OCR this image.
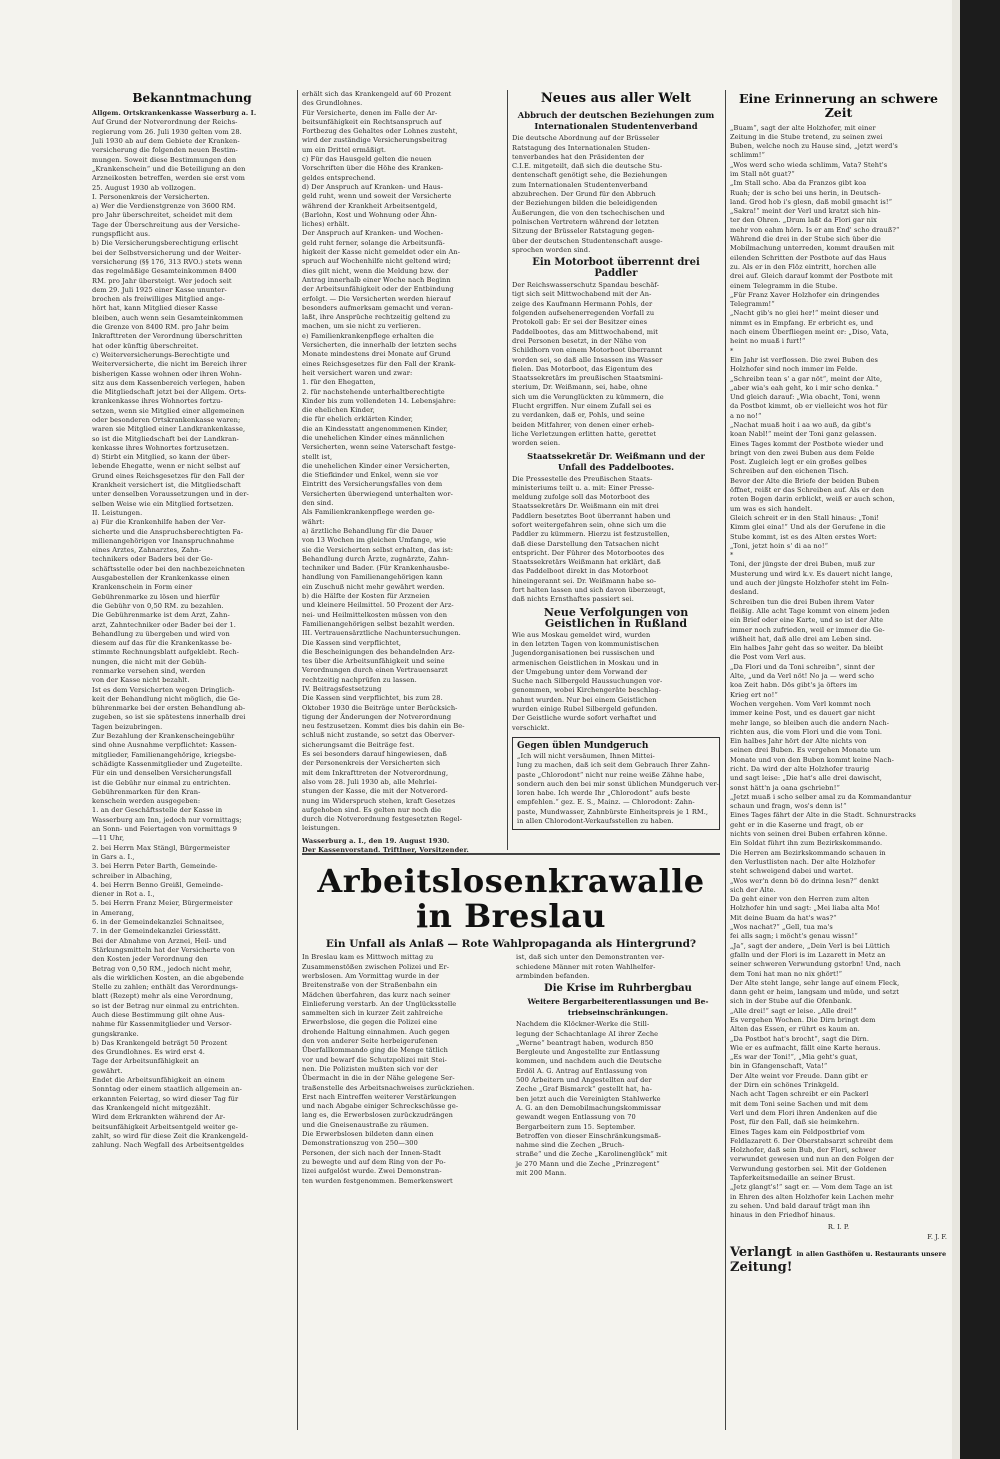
Bekanntmachung
Allgem. Ortskrankenkasse Wasserburg a. I.
Auf Grund der Notverordnung der Reichs-
regierung vom 26. Juli 1930 gelten vom 28.
Juli 1930 ab auf dem Gebiete der Kranken-
versicherung die folgenden neuen Bestim-
mungen. Soweit diese Bestimmungen den
„Krankenschein“ und die Beteiligung an den
Arzneikosten betreffen, werden sie erst vom
25. August 1930 ab vollzogen.
I. Personenkreis der Versicherten.
a) Wer die Verdienstgrenze von 3600 RM.
pro Jahr überschreitet, scheidet mit dem
Tage der Überschreitung aus der Versiche-
rungspflicht aus.
b) Die Versicherungsberechtigung erlischt
bei der Selbstversicherung und der Weiter-
versicherung (§§ 176, 313 RVO.) stets wenn
das regelmäßige Gesamteinkommen 8400
RM. pro Jahr übersteigt. Wer jedoch seit
dem 29. Juli 1925 einer Kasse ununter-
brochen als freiwilliges Mitglied ange-
hört hat, kann Mitglied dieser Kasse
bleiben, auch wenn sein Gesamteinkommen
die Grenze von 8400 RM. pro Jahr beim
Inkrafttreten der Verordnung überschritten
hat oder künftig überschreitet.
c) Weiterversicherungs-Berechtigte und
Weiterversicherte, die nicht im Bereich ihrer
bisherigen Kasse wohnen oder ihren Wohn-
sitz aus dem Kassenbereich verlegen, haben
die Mitgliedschaft jetzt bei der Allgem. Orts-
krankenkasse ihres Wohnortes fortzu-
setzen, wenn sie Mitglied einer allgemeinen
oder besonderen Ortskrankenkasse waren;
waren sie Mitglied einer Landkrankenkasse,
so ist die Mitgliedschaft bei der Landkran-
kenkasse ihres Wohnortes fortzusetzen.
d) Stirbt ein Mitglied, so kann der über-
lebende Ehegatte, wenn er nicht selbst auf
Grund eines Reichsgesetzes für den Fall der
Krankheit versichert ist, die Mitgliedschaft
unter denselben Voraussetzungen und in der-
selben Weise wie ein Mitglied fortsetzen.
II. Leistungen.
a) Für die Krankenhilfe haben der Ver-
sicherte und die Anspruchsberechtigten Fa-
milienangehörigen vor Inanspruchnahme
eines Arztes, Zahnarztes, Zahn-
technikers oder Baders bei der Ge-
schäftsstelle oder bei den nachbezeichneten
Ausgabestellen der Krankenkasse einen
Krankenschein in Form einer
Gebührenmarke zu lösen und hierfür
die Gebühr von 0,50 RM. zu bezahlen.
Die Gebührenmarke ist dem Arzt, Zahn-
arzt, Zahntechniker oder Bader bei der 1.
Behandlung zu übergeben und wird von
diesem auf das für die Krankenkasse be-
stimmte Rechnungsblatt aufgeklebt. Rech-
nungen, die nicht mit der Gebüh-
renmarke versehen sind, werden
von der Kasse nicht bezahlt.
Ist es dem Versicherten wegen Dringlich-
keit der Behandlung nicht möglich, die Ge-
bührenmarke bei der ersten Behandlung ab-
zugeben, so ist sie spätestens innerhalb drei
Tagen beizubringen.
Zur Bezahlung der Krankenscheingebühr
sind ohne Ausnahme verpflichtet: Kassen-
mitglieder, Familienangehörige, kriegsbe-
schädigte Kassenmitglieder und Zugeteilte.
Für ein und denselben Versicherungsfall
ist die Gebühr nur einmal zu entrichten.
Gebührenmarken für den Kran-
kenschein werden ausgegeben:
1. an der Geschäftsstelle der Kasse in
Wasserburg am Inn, jedoch nur vormittags;
an Sonn- und Feiertagen von vormittags 9
—11 Uhr,
2. bei Herrn Max Stängl, Bürgermeister
in Gars a. I.,
3. bei Herrn Peter Barth, Gemeinde-
schreiber in Albaching,
4. bei Herrn Benno Greißl, Gemeinde-
diener in Rot a. I.,
5. bei Herrn Franz Meier, Bürgermeister
in Amerang,
6. in der Gemeindekanzlei Schnaitsee,
7. in der Gemeindekanzlei Griesstätt.
Bei der Abnahme von Arznei, Heil- und
Stärkungsmitteln hat der Versicherte von
den Kosten jeder Verordnung den
Betrag von 0,50 RM., jedoch nicht mehr,
als die wirklichen Kosten, an die abgebende
Stelle zu zahlen; enthält das Verordnungs-
blatt (Rezept) mehr als eine Verordnung,
so ist der Betrag nur einmal zu entrichten.
Auch diese Bestimmung gilt ohne Aus-
nahme für Kassenmitglieder und Versor-
gungskranke.
b) Das Krankengeld beträgt 50 Prozent
des Grundlohnes. Es wird erst 4.
Tage der Arbeitsunfähigkeit an
gewährt.
Endet die Arbeitsunfähigkeit an einem
Sonntag oder einem staatlich allgemein an-
erkannten Feiertag, so wird dieser Tag für
das Krankengeld nicht mitgezählt.
Wird dem Erkrankten während der Ar-
beitsunfähigkeit Arbeitsentgeld weiter ge-
zahlt, so wird für diese Zeit die Krankengeld-
zahlung. Nach Wegfall des Arbeitsentgeldes
erhält sich das Krankengeld auf 60 Prozent
des Grundlohnes.
Für Versicherte, denen im Falle der Ar-
beitsunfähigkeit ein Rechtsanspruch auf
Fortbezug des Gehaltes oder Lohnes zusteht,
wird der zuständige Versicherungsbeitrag
um ein Drittel ermäßigt.
c) Für das Hausgeld gelten die neuen
Vorschriften über die Höhe des Kranken-
geldes entsprechend.
d) Der Anspruch auf Kranken- und Haus-
geld ruht, wenn und soweit der Versicherte
während der Krankheit Arbeitsentgeld,
(Barlohn, Kost und Wohnung oder Ähn-
liches) erhält.
Der Anspruch auf Kranken- und Wochen-
geld ruht ferner, solange die Arbeitsunfä-
higkeit der Kasse nicht gemeldet oder ein An-
spruch auf Wochenhilfe nicht geltend wird;
dies gilt nicht, wenn die Meldung bzw. der
Antrag innerhalb einer Woche nach Beginn
der Arbeitsunfähigkeit oder der Entbindung
erfolgt. — Die Versicherten werden hierauf
besonders aufmerksam gemacht und veran-
laßt, ihre Ansprüche rechtzeitig geltend zu
machen, um sie nicht zu verlieren.
e) Familienkrankenpflege erhalten die
Versicherten, die innerhalb der letzten sechs
Monate mindestens drei Monate auf Grund
eines Reichsgesetzes für den Fall der Krank-
heit versichert waren und zwar:
1. für den Ehegatten,
2. für nachstehende unterhaltberechtigte
Kinder bis zum vollendeten 14. Lebensjahre:
die ehelichen Kinder,
die für ehelich erklärten Kinder,
die an Kindesstatt angenommenen Kinder,
die unehelichen Kinder eines männlichen
Versicherten, wenn seine Vaterschaft festge-
stellt ist,
die unehelichen Kinder einer Versicherten,
die Stiefkinder und Enkel, wenn sie vor
Eintritt des Versicherungsfalles von dem
Versicherten überwiegend unterhalten wor-
den sind.
Als Familienkrankenpflege werden ge-
währt:
a) ärztliche Behandlung für die Dauer
von 13 Wochen im gleichen Umfange, wie
sie die Versicherten selbst erhalten, das ist:
Behandlung durch Ärzte, zugnärzte, Zahn-
techniker und Bader. (Für Krankenhausbe-
handlung von Familienangehörigen kann
ein Zuschuß nicht mehr gewährt werden.
b) die Hälfte der Kosten für Arzneien
und kleinere Heilmittel. 50 Prozent der Arz-
nei- und Heilmittelkosten müssen von den
Familienangehörigen selbst bezahlt werden.
III. Vertrauensärztliche Nachuntersuchungen.
Die Kassen sind verpflichtet,
die Bescheinigungen des behandelnden Arz-
tes über die Arbeitsunfähigkeit und seine
Verordnungen durch einen Vertrauensarzt
rechtzeitig nachprüfen zu lassen.
IV. Beitragsfestsetzung
Die Kassen sind verpflichtet, bis zum 28.
Oktober 1930 die Beiträge unter Berücksich-
tigung der Änderungen der Notverordnung
neu festzusetzen. Kommt dies bis dahin ein Be-
schluß nicht zustande, so setzt das Oberver-
sicherungsamt die Beiträge fest.
Es sei besonders darauf hingewiesen, daß
der Personenkreis der Versicherten sich
mit dem Inkrafttreten der Notverordnung,
also vom 28. Juli 1930 ab, alle Mehrlei-
stungen der Kasse, die mit der Notverord-
nung im Widerspruch stehen, kraft Gesetzes
aufgehoben sind. Es gelten nur noch die
durch die Notverordnung festgesetzten Regel-
leistungen.
Wasserburg a. I., den 19. August 1930.
Der Kassenvorstand. Triftlner, Vorsitzender.
Neues aus aller Welt
Abbruch der deutschen Beziehungen zum Internationalen Studentenverband
Die deutsche Abordnung auf der Brüsseler
Ratstagung des Internationalen Studen-
tenverbandes hat den Präsidenten der
C.I.E. mitgeteilt, daß sich die deutsche Stu-
dentenschaft genötigt sehe, die Beziehungen
zum Internationalen Studentenverband
abzubrechen. Der Grund für den Abbruch
der Beziehungen bilden die beleidigenden
Äußerungen, die von den tschechischen und
polnischen Vertretern während der letzten
Sitzung der Brüsseler Ratstagung gegen-
über der deutschen Studentenschaft ausge-
sprochen worden sind.
Ein Motorboot überrennt drei Paddler
Der Reichswasserschutz Spandau beschäf-
tigt sich seit Mittwochabend mit der An-
zeige des Kaufmann Hermann Pohls, der
folgenden aufsehenerregenden Vorfall zu
Protokoll gab: Er sei der Besitzer eines
Paddelbootes, das am Mittwochabend, mit
drei Personen besetzt, in der Nähe von
Schildhorn von einem Motorboot überrannt
worden sei, so daß alle Insassen ins Wasser
fielen. Das Motorboot, das Eigentum des
Staatssekretärs im preußischen Staatsmini-
sterium, Dr. Weißmann, sei, habe, ohne
sich um die Verunglückten zu kümmern, die
Flucht ergriffen. Nur einem Zufall sei es
zu verdanken, daß er, Pohls, und seine
beiden Mitfahrer, von denen einer erheb-
liche Verletzungen erlitten hatte, gerettet
worden seien.
Staatssekretär Dr. Weißmann und der Unfall des Paddelbootes.
Die Pressestelle des Preußischen Staats-
ministeriums teilt u. a. mit: Einer Presse-
meldung zufolge soll das Motorboot des
Staatssekretärs Dr. Weißmann ein mit drei
Paddlern besetztes Boot überrannt haben und
sofort weitergefahren sein, ohne sich um die
Paddler zu kümmern. Hierzu ist festzustellen,
daß diese Darstellung den Tatsachen nicht
entspricht. Der Führer des Motorbootes des
Staatssekretärs Weißmann hat erklärt, daß
das Paddelboot direkt in das Motorboot
hineingerannt sei. Dr. Weißmann habe so-
fort halten lassen und sich davon überzeugt,
daß nichts Ernsthaftes passiert sei.
Neue Verfolgungen von Geistlichen in Rußland
Wie aus Moskau gemeldet wird, wurden
in den letzten Tagen von kommunistischen
Jugendorganisationen bei russischen und
armenischen Geistlichen in Moskau und in
der Umgebung unter dem Vorwand der
Suche nach Silbergeld Haussuchungen vor-
genommen, wobei Kirchengeräte beschlag-
nahmt wurden. Nur bei einem Geistlichen
wurden einige Rubel Silbergeld gefunden.
Der Geistliche wurde sofort verhaftet und
verschickt.
Gegen üblen Mundgeruch
„Ich will nicht versäumen, Ihnen Mittei-
lung zu machen, daß ich seit dem Gebrauch Ihrer Zahn-
paste „Chlorodont“ nicht nur reine weiße Zähne habe,
sondern auch den bei mir sonst üblichen Mundgeruch ver-
loren habe. Ich werde Ihr „Chlorodont“ aufs beste
empfehlen.“ gez. E. S., Mainz. — Chlorodont: Zahn-
paste, Mundwasser, Zahnbürste Einheitspreis je 1 RM.,
in allen Chlorodont-Verkaufsstellen zu haben.
Arbeitslosenkrawalle in Breslau
Ein Unfall als Anlaß — Rote Wahlpropaganda als Hintergrund?
In Breslau kam es Mittwoch mittag zu
Zusammenstößen zwischen Polizei und Er-
werbslosen. Am Vormittag wurde in der
Breitenstraße von der Straßenbahn ein
Mädchen überfahren, das kurz nach seiner
Einlieferung verstarb. An der Unglücksstelle
sammelten sich in kurzer Zeit zahlreiche
Erwerbslose, die gegen die Polizei eine
drohende Haltung einnahmen. Auch gegen
den von anderer Seite herbeigerufenen
Überfallkommando ging die Menge tätlich
vor und bewarf die Schutzpolizei mit Stei-
nen. Die Polizisten mußten sich vor der
Übermacht in die in der Nähe gelegene Ser-
traßenstelle des Arbeitsnachweises zurückziehen.
Erst nach Eintreffen weiterer Verstärkungen
und nach Abgabe einiger Schreckschüsse ge-
lang es, die Erwerbslosen zurückzudrängen
und die Gneisenaustraße zu räumen.
Die Erwerbslosen bildeten dann einen
Demonstrationszug von 250—300
Personen, der sich nach der Innen-Stadt
zu bewegte und auf dem Ring von der Po-
lizei aufgelöst wurde. Zwei Demonstran-
ten wurden festgenommen. Bemerkenswert
ist, daß sich unter den Demonstranten ver-
schiedene Männer mit roten Wahlhelfer-
armbinden befanden.
Die Krise im Ruhrbergbau
Weitere Bergarbeiterentlassungen und Be-triebseinschränkungen.
Nachdem die Klöckner-Werke die Still-
legung der Schachtanlage AI ihrer Zeche
„Werne“ beantragt haben, wodurch 850
Bergleute und Angestellte zur Entlassung
kommen, und nachdem auch die Deutsche
Erdöl A. G. Antrag auf Entlassung von
500 Arbeitern und Angestellten auf der
Zeche „Graf Bismarck“ gestellt hat, ha-
ben jetzt auch die Vereinigten Stahlwerke
A. G. an den Demobilmachungskommissar
gewandt wegen Entlassung von 70
Bergarbeitern zum 15. September.
Betroffen von dieser Einschränkungsmaß-
nahme sind die Zechen „Bruch-
straße“ und die Zeche „Karolinenglück“ mit
je 270 Mann und die Zeche „Prinzregent“
mit 200 Mann.
Eine Erinnerung an schwere Zeit
„Buam“, sagt der alte Holzhofer, mit einer
Zeitung in die Stube tretend, zu seinen zwei
Buben, welche noch zu Hause sind, „jetzt werd's
schlimm!“
„Wos werd scho wieda schlimm, Vata? Steht's
im Stall nöt guat?“
„Im Stall scho. Aba da Franzos gibt koa
Ruah; der is scho bei uns herin, in Deutsch-
land. Grod hob i's glesn, daß mobil gmacht is!“
„Sakra!“ meint der Verl und kratzt sich hin-
ter den Ohren. „Drum laßt da Flori gar nix
mehr von eahm hörn. Is er am End' scho drauß?“
Während die drei in der Stube sich über die
Mobilmachung unterreden, kommt draußen mit
eilenden Schritten der Postbote auf das Haus
zu. Als er in den Flöz eintritt, horchen alle
drei auf. Gleich darauf kommt der Postbote mit
einem Telegramm in die Stube.
„Für Franz Xaver Holzhofer ein dringendes
Telegramm!“
„Nacht gib's no glei her!“ meint dieser und
nimmt es in Empfang. Er erbricht es, und
nach einem Überfliegen meint er: „Diso, Vata,
heint no muaß i furt!“
*
Ein Jahr ist verflossen. Die zwei Buben des
Holzhofer sind noch immer im Felde.
„Schreibn tean s' a gar nöt“, meint der Alte,
„aber wia's eah geht, ko i mir scho denka.“
Und gleich darauf: „Wia obacht, Toni, wenn
da Postbot kimmt, ob er vielleicht wos hot für
a no no!“
„Nachat muaß hoit i aa wo auß, da gibt's
koan Nabl!“ meint der Toni ganz gelassen.
Eines Tages kommt der Postbote wieder und
bringt von den zwei Buben aus dem Felde
Post. Zugleich legt er ein großes gelbes
Schreiben auf den eichenen Tisch.
Bevor der Alte die Briefe der beiden Buben
öffnet, reißt er das Schreiben auf. Als er den
roten Bogen darin erblickt, weiß er auch schon,
um was es sich handelt.
Gleich schreit er in den Stall hinaus: „Toni!
Kimm glei eina!“ Und als der Gerufene in die
Stube kommt, ist es des Alten erstes Wort:
„Toni, jetzt hoin s' di aa no!“
*
Toni, der jüngste der drei Buben, muß zur
Musterung und wird k.v. Es dauert nicht lange,
und auch der jüngste Holzhofer steht im Feln-
desland.
Schreiben tun die drei Buben ihrem Vater
fleißig. Alle acht Tage kommt von einem jeden
ein Brief oder eine Karte, und so ist der Alte
immer noch zufrieden, weil er immer die Ge-
wißheit hat, daß alle drei am Leben sind.
Ein halbes Jahr geht das so weiter. Da bleibt
die Post vom Verl aus.
„Da Flori und da Toni schreibn“, sinnt der
Alte, „und da Verl nöt! No ja — werd scho
koa Zeit habn. Dös gibt's ja öfters im
Krieg ert no!“
Wochen vergehen. Vom Verl kommt noch
immer keine Post, und es dauert gar nicht
mehr lange, so bleiben auch die andern Nach-
richten aus, die vom Flori und die vom Toni.
Ein halbes Jahr hört der Alte nichts von
seinen drei Buben. Es vergehen Monate um
Monate und von den Buben kommt keine Nach-
richt. Da wird der alte Holzhofer traurig
und sagt leise: „Die hat's alle drei dawischt,
sonst hätt'n ja oana gschriebn!“
„Jetzt muaß i scho selber amal zu da Kommandantur
schaun und fragn, wos's denn is!“
Eines Tages fährt der Alte in die Stadt. Schnurstracks
geht er in die Kaserne und fragt, ob er
nichts von seinen drei Buben erfahren könne.
Ein Soldat führt ihn zum Bezirkskommando.
Die Herren am Bezirkskommando schauen in
den Verlustlisten nach. Der alte Holzhofer
steht schweigend dabei und wartet.
„Wos wer'n denn bö do drinna lesn?“ denkt
sich der Alte.
Da geht einer von den Herren zum alten
Holzhofer hin und sagt: „Mei liaba alta Mo!
Mit deine Buam da hat's was?“
„Wos nachat?“ „Gell, tua ma's
fei alls sagn; i möcht's genau wissn!“
„Ja“, sagt der andere, „Dein Verl is bei Lüttich
gfalln und der Flori is im Lazarett in Metz an
seiner schweren Verwundung gstorbn! Und, nach
dem Toni hat man no nix ghört!“
Der Alte steht lange, sehr lange auf einem Fleck,
dann geht er heim, langsam und müde, und setzt
sich in der Stube auf die Ofenbank.
„Alle drei!“ sagt er leise. „Alle drei!“
Es vergehen Wochen. Die Dirn bringt dem
Alten das Essen, er rührt es kaum an.
„Da Postbot hat's brocht“, sagt die Dirn.
Wie er es aufmacht, fällt eine Karte heraus.
„Es war der Toni!“, „Mia geht's guat,
bin in Gfangenschaft, Vata!“
Der Alte weint vor Freude. Dann gibt er
der Dirn ein schönes Trinkgeld.
Nach acht Tagen schreibt er ein Packerl
mit dem Toni seine Sachen und mit dem
Verl und dem Flori ihren Andenken auf die
Post, für den Fall, daß sie heimkehrn.
Eines Tages kam ein Feldpostbrief vom
Feldlazarett 6. Der Oberstabsarzt schreibt dem
Holzhofer, daß sein Bub, der Flori, schwer
verwundet gewesen und nun an den Folgen der
Verwundung gestorben sei. Mit der Goldenen
Tapferkeitsmedaille an seiner Brust.
„Jetz glangt's!“ sagt er. — Vom dem Tage an ist
in Ehren des alten Holzhofer kein Lachen mehr
zu sehen. Und bald darauf trägt man ihn
hinaus in den Friedhof hinaus.
R. I. P.
F. J. F.
Verlangt in allen Gasthöfen u. Restaurants unsere Zeitung!
